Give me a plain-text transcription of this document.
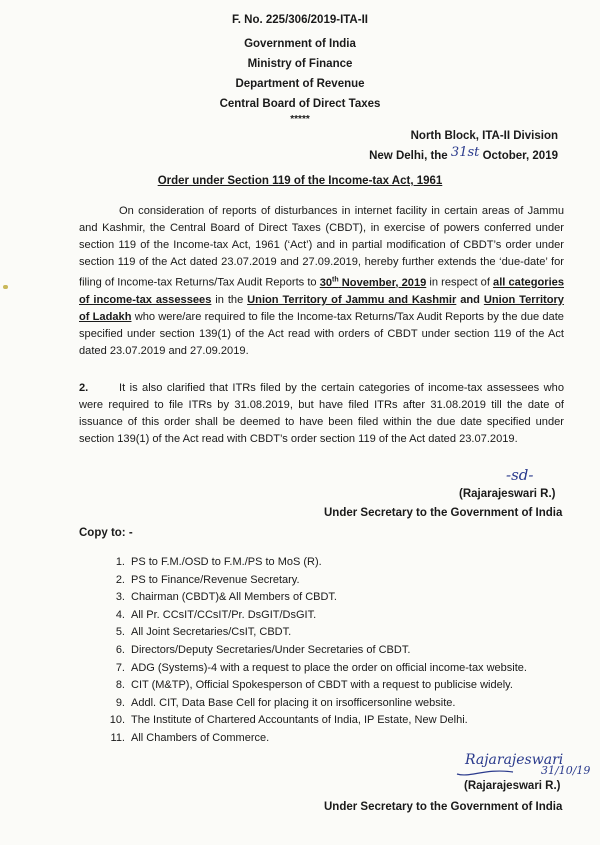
F. No. 225/306/2019-ITA-II
Government of India
Ministry of Finance
Department of Revenue
Central Board of Direct Taxes
*****
North Block, ITA-II Division
New Delhi, the 31st October, 2019
Order under Section 119 of the Income-tax Act, 1961
On consideration of reports of disturbances in internet facility in certain areas of Jammu and Kashmir, the Central Board of Direct Taxes (CBDT), in exercise of powers conferred under section 119 of the Income-tax Act, 1961 (‘Act’) and in partial modification of CBDT’s order under section 119 of the Act dated 23.07.2019 and 27.09.2019, hereby further extends the ‘due-date’ for filing of Income-tax Returns/Tax Audit Reports to 30th November, 2019 in respect of all categories of income-tax assessees in the Union Territory of Jammu and Kashmir and Union Territory of Ladakh who were/are required to file the Income-tax Returns/Tax Audit Reports by the due date specified under section 139(1) of the Act read with orders of CBDT under section 119 of the Act dated 23.07.2019 and 27.09.2019.
2.	It is also clarified that ITRs filed by the certain categories of income-tax assessees who were required to file ITRs by 31.08.2019, but have filed ITRs after 31.08.2019 till the date of issuance of this order shall be deemed to have been filed within the due date specified under section 139(1) of the Act read with CBDT’s order section 119 of the Act dated 23.07.2019.
-sd-
(Rajarajeswari R.)
Under Secretary to the Government of India
Copy to: -
1. PS to F.M./OSD to F.M./PS to MoS (R).
2. PS to Finance/Revenue Secretary.
3. Chairman (CBDT)& All Members of CBDT.
4. All Pr. CCsIT/CCsIT/Pr. DsGIT/DsGIT.
5. All Joint Secretaries/CsIT, CBDT.
6. Directors/Deputy Secretaries/Under Secretaries of CBDT.
7. ADG (Systems)-4 with a request to place the order on official income-tax website.
8. CIT (M&TP), Official Spokesperson of CBDT with a request to publicise widely.
9. Addl. CIT, Data Base Cell for placing it on irsofficersonline website.
10. The Institute of Chartered Accountants of India, IP Estate, New Delhi.
11. All Chambers of Commerce.
Rajarajeswari
31/10/19
(Rajarajeswari R.)
Under Secretary to the Government of India
